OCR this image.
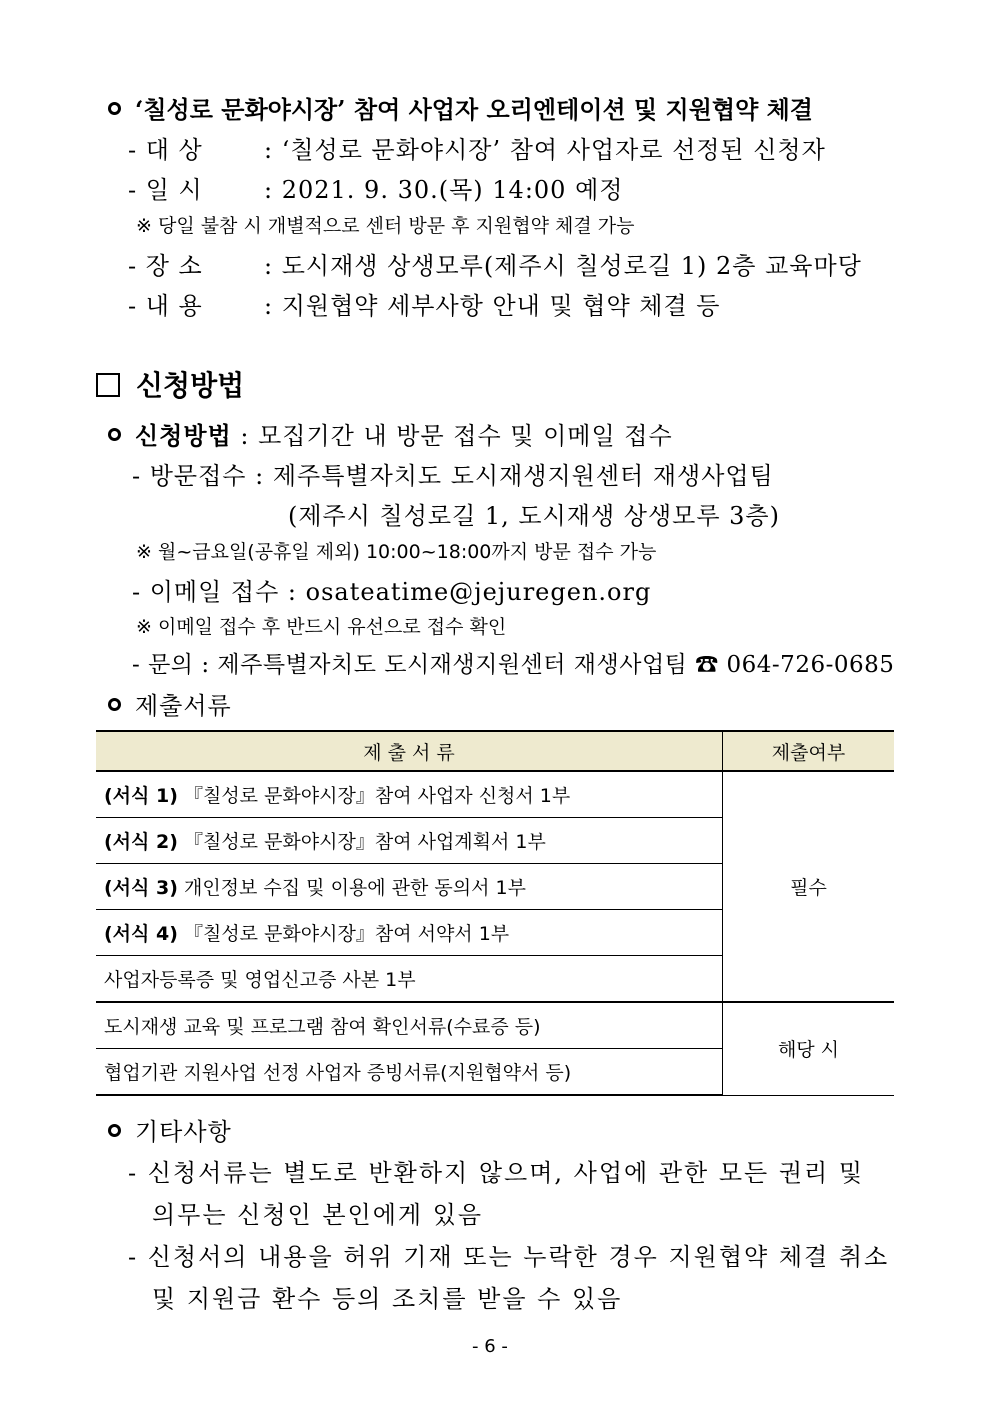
‘칠성로 문화야시장’ 참여 사업자 오리엔테이션 및 지원협약 체결
- 대 상	: ‘칠성로 문화야시장’ 참여 사업자로 선정된 신청자
- 일 시	: 2021. 9. 30.(목) 14:00 예정
※ 당일 불참 시 개별적으로 센터 방문 후 지원협약 체결 가능
- 장 소	: 도시재생 상생모루(제주시 칠성로길 1) 2층 교육마당
- 내 용	: 지원협약 세부사항 안내 및 협약 체결 등
신청방법
신청방법 : 모집기간 내 방문 접수 및 이메일 접수
- 방문접수 : 제주특별자치도 도시재생지원센터 재생사업팀
(제주시 칠성로길 1, 도시재생 상생모루 3층)
※ 월~금요일(공휴일 제외) 10:00~18:00까지 방문 접수 가능
- 이메일 접수 : osateatime@jejuregen.org
※ 이메일 접수 후 반드시 유선으로 접수 확인
- 문의 : 제주특별자치도 도시재생지원센터 재생사업팀 ☎ 064-726-0685
제출서류
제 출 서 류	제출여부
(서식 1) 『칠성로 문화야시장』참여 사업자 신청서 1부	필수
(서식 2) 『칠성로 문화야시장』참여 사업계획서 1부	
(서식 3) 개인정보 수집 및 이용에 관한 동의서 1부	
(서식 4) 『칠성로 문화야시장』참여 서약서 1부	
사업자등록증 및 영업신고증 사본 1부	
도시재생 교육 및 프로그램 참여 확인서류(수료증 등)	해당 시
협업기관 지원사업 선정 사업자 증빙서류(지원협약서 등)	
기타사항
- 신청서류는 별도로 반환하지 않으며, 사업에 관한 모든 권리 및
의무는 신청인 본인에게 있음
- 신청서의 내용을 허위 기재 또는 누락한 경우 지원협약 체결 취소
및 지원금 환수 등의 조치를 받을 수 있음
- 6 -
